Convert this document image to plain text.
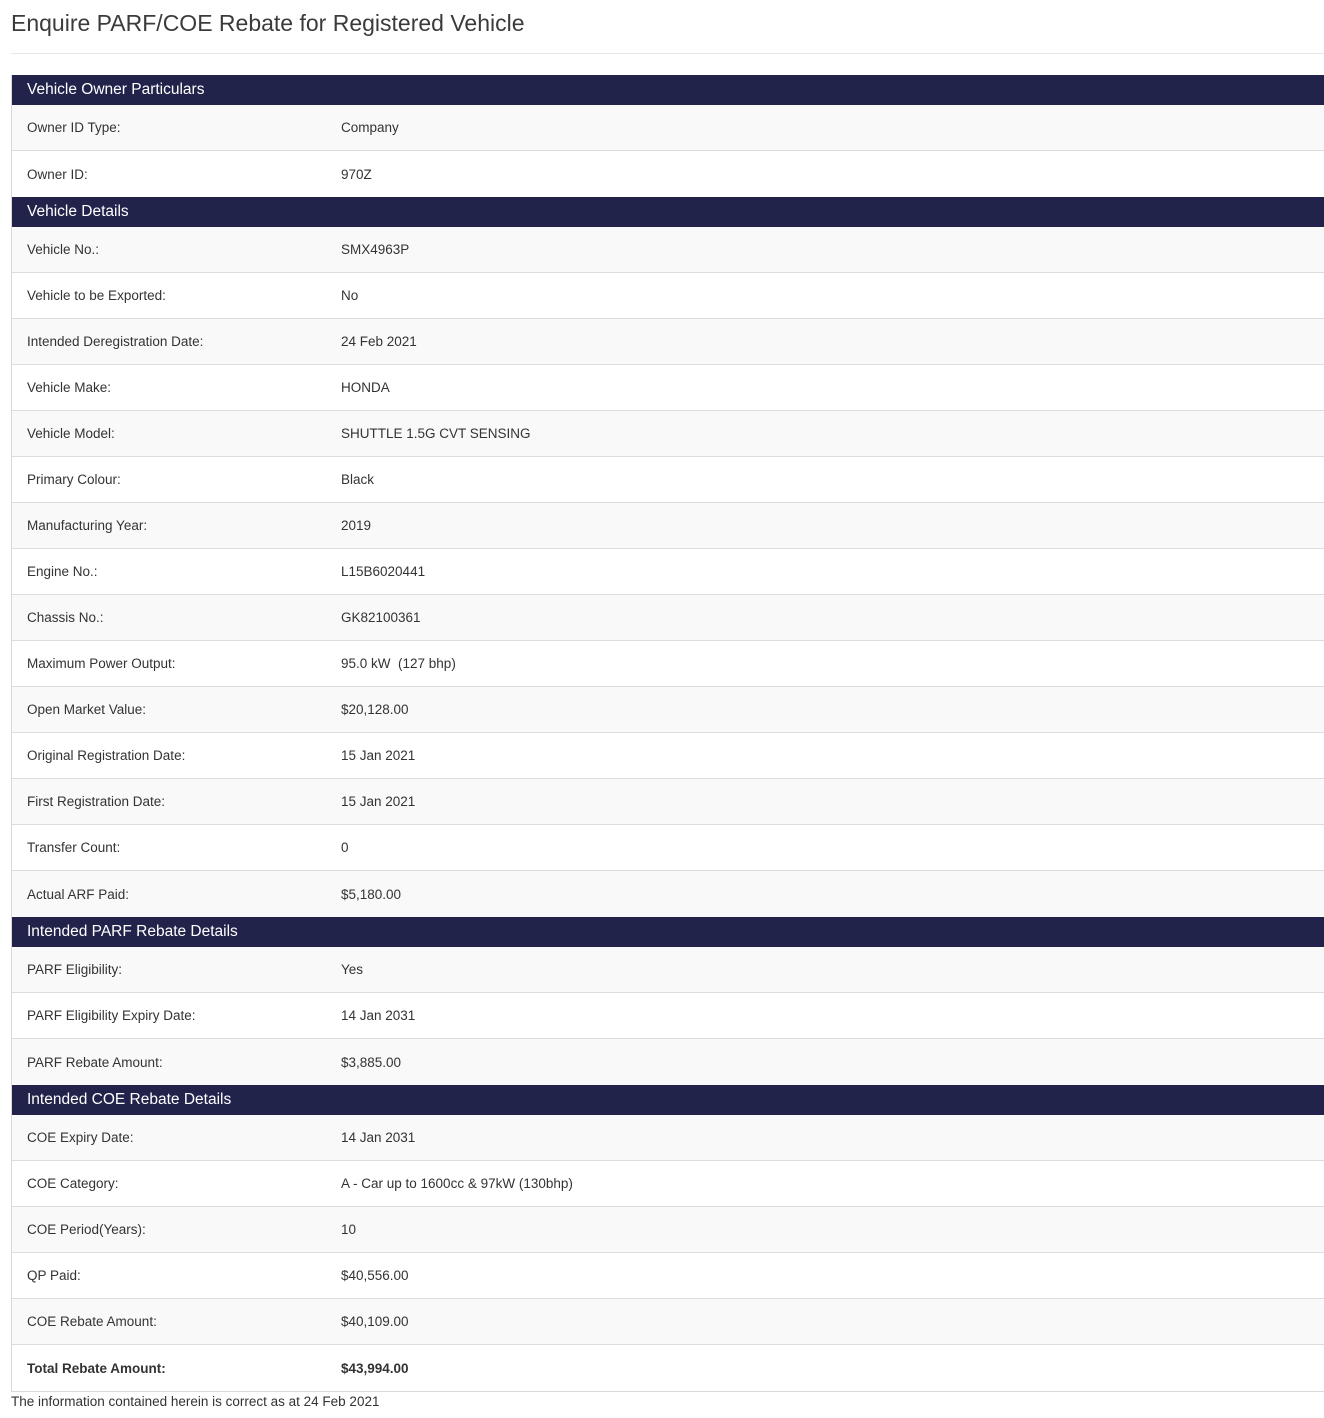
Enquire PARF/COE Rebate for Registered Vehicle
Vehicle Owner Particulars
Owner ID Type:	Company
Owner ID:	970Z
Vehicle Details
Vehicle No.:	SMX4963P
Vehicle to be Exported:	No
Intended Deregistration Date:	24 Feb 2021
Vehicle Make:	HONDA
Vehicle Model:	SHUTTLE 1.5G CVT SENSING
Primary Colour:	Black
Manufacturing Year:	2019
Engine No.:	L15B6020441
Chassis No.:	GK82100361
Maximum Power Output:	95.0 kW  (127 bhp)
Open Market Value:	$20,128.00
Original Registration Date:	15 Jan 2021
First Registration Date:	15 Jan 2021
Transfer Count:	0
Actual ARF Paid:	$5,180.00
Intended PARF Rebate Details
PARF Eligibility:	Yes
PARF Eligibility Expiry Date:	14 Jan 2031
PARF Rebate Amount:	$3,885.00
Intended COE Rebate Details
COE Expiry Date:	14 Jan 2031
COE Category:	A - Car up to 1600cc & 97kW (130bhp)
COE Period(Years):	10
QP Paid:	$40,556.00
COE Rebate Amount:	$40,109.00
Total Rebate Amount:	$43,994.00
The information contained herein is correct as at 24 Feb 2021
